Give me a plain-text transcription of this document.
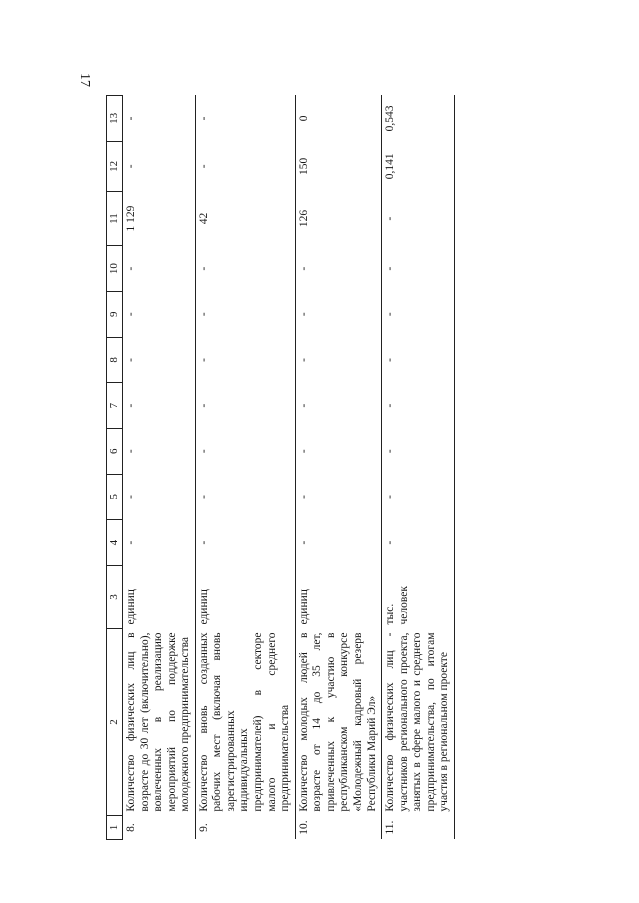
17
1	2	3	4	5	6	7	8	9	10	11	12	13
8.	Количество физических лиц в возрасте до 30 лет (включительно), вовлеченных в реализацию мероприятий по поддержке молодежного предпринимательства	единиц	-	-	-	-	-	-	-	1 129	-	-
9.	Количество вновь созданных рабочих мест (включая вновь зарегистрированных индивидуальных предпринимателей) в секторе малого и среднего предпринимательства	единиц	-	-	-	-	-	-	-	42	-	-
10.	Количество молодых людей в возрасте от 14 до 35 лет, привлеченных к участию в республиканском конкурсе «Молодежный кадровый резерв Республики Марий Эл»	единиц	-	-	-	-	-	-	-	126	150	0
11.	Количество физических лиц - участников регионального проекта, занятых в сфере малого и среднего предпринимательства, по итогам участия в региональном проекте	тыс. человек	-	-	-	-	-	-	-	-	0,141	0,543
